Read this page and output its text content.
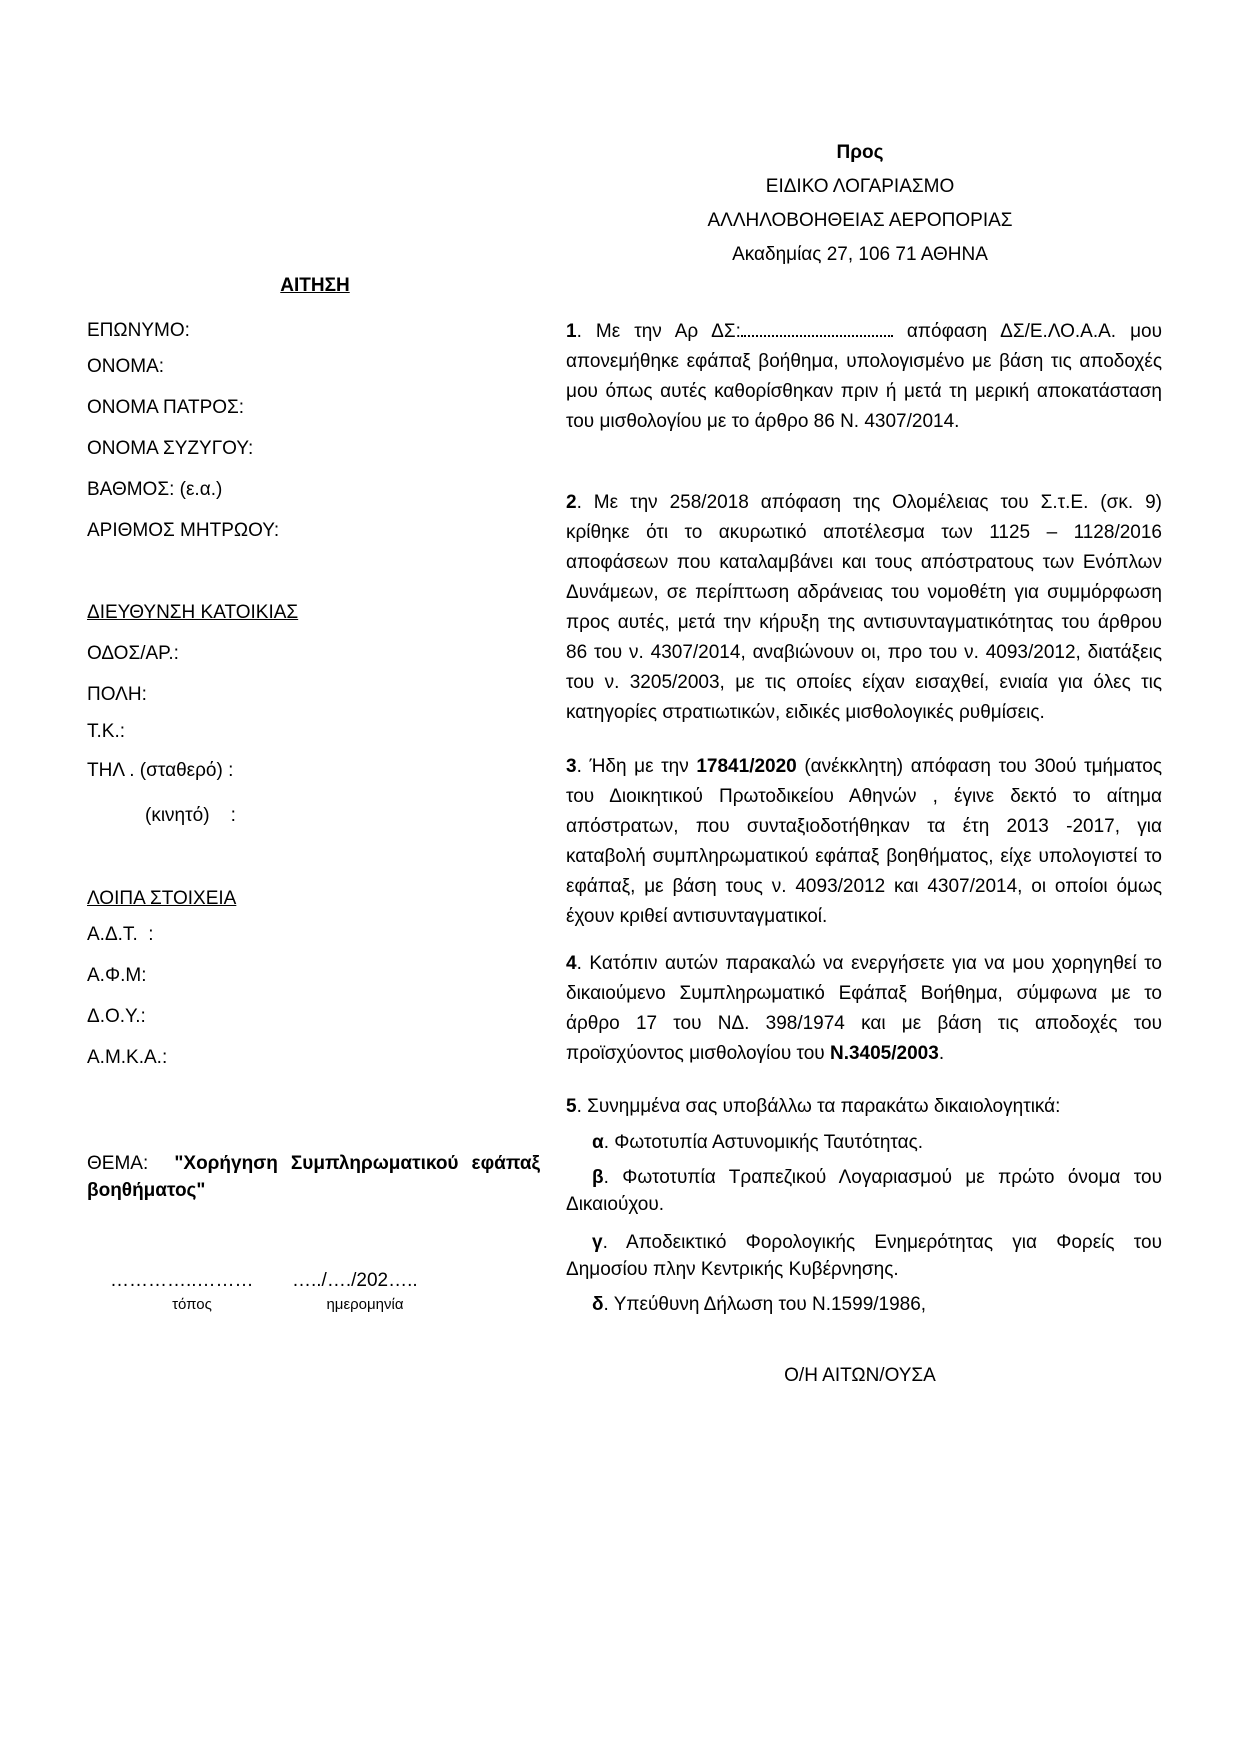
Προς
ΕΙΔΙΚΟ ΛΟΓΑΡΙΑΣΜΟ
ΑΛΛΗΛΟΒΟΗΘΕΙΑΣ ΑΕΡΟΠΟΡΙΑΣ
Ακαδημίας 27, 106 71 ΑΘΗΝΑ
ΑΙΤΗΣΗ
ΕΠΩΝΥΜΟ:
ΟΝΟΜΑ:
ΟΝΟΜΑ ΠΑΤΡΟΣ:
ΟΝΟΜΑ ΣΥΖΥΓΟΥ:
ΒΑΘΜΟΣ: (ε.α.)
ΑΡΙΘΜΟΣ ΜΗΤΡΩΟΥ:
ΔΙΕΥΘΥΝΣΗ ΚΑΤΟΙΚΙΑΣ
ΟΔΟΣ/ΑΡ.:
ΠΟΛΗ:
Τ.Κ.:
ΤΗΛ . (σταθερό) :
(κινητό)    :
ΛΟΙΠΑ ΣΤΟΙΧΕΙΑ
Α.Δ.Τ.  :
Α.Φ.Μ:
Δ.Ο.Υ.:
Α.Μ.Κ.Α.:
ΘΕΜΑ: "Χορήγηση Συμπληρωματικού εφάπαξ βοηθήματος"
…………..……… …../…./202…..
τόπος	ημερομηνία
1. Με την Αρ ΔΣ:	απόφαση ΔΣ/Ε.ΛΟ.Α.Α. μου απονεμήθηκε εφάπαξ βοήθημα, υπολογισμένο με βάση τις αποδοχές μου όπως αυτές καθορίσθηκαν πριν ή μετά τη μερική αποκατάσταση του μισθολογίου με το άρθρο 86 Ν. 4307/2014.
2. Με την 258/2018 απόφαση της Ολομέλειας του Σ.τ.Ε. (σκ. 9) κρίθηκε ότι το ακυρωτικό αποτέλεσμα των 1125 – 1128/2016 αποφάσεων που καταλαμβάνει και τους απόστρατους των Ενόπλων Δυνάμεων, σε περίπτωση αδράνειας του νομοθέτη για συμμόρφωση προς αυτές, μετά την κήρυξη της αντισυνταγματικότητας του άρθρου 86 του ν. 4307/2014, αναβιώνουν οι, προ του ν. 4093/2012, διατάξεις του ν. 3205/2003, με τις οποίες είχαν εισαχθεί, ενιαία για όλες τις κατηγορίες στρατιωτικών, ειδικές μισθολογικές ρυθμίσεις.
3. Ήδη με την 17841/2020 (ανέκκλητη) απόφαση του 30ού τμήματος του Διοικητικού Πρωτοδικείου Αθηνών , έγινε δεκτό το αίτημα απόστρατων, που συνταξιοδοτήθηκαν τα έτη 2013 -2017, για καταβολή συμπληρωματικού εφάπαξ βοηθήματος, είχε υπολογιστεί το εφάπαξ, με βάση τους ν. 4093/2012 και 4307/2014, οι οποίοι όμως έχουν κριθεί αντισυνταγματικοί.
4. Κατόπιν αυτών παρακαλώ να ενεργήσετε για να μου χορηγηθεί το δικαιούμενο Συμπληρωματικό Εφάπαξ Βοήθημα, σύμφωνα με το άρθρο 17 του ΝΔ. 398/1974 και με βάση τις αποδοχές του προϊσχύοντος μισθολογίου του Ν.3405/2003.
5. Συνημμένα σας υποβάλλω τα παρακάτω δικαιολογητικά:
α. Φωτοτυπία Αστυνομικής Ταυτότητας.
β. Φωτοτυπία Τραπεζικού Λογαριασμού με πρώτο όνομα του Δικαιούχου.
γ. Αποδεικτικό Φορολογικής Ενημερότητας για Φορείς του Δημοσίου πλην Κεντρικής Κυβέρνησης.
δ. Υπεύθυνη Δήλωση του Ν.1599/1986,
Ο/Η ΑΙΤΩΝ/ΟΥΣΑ
